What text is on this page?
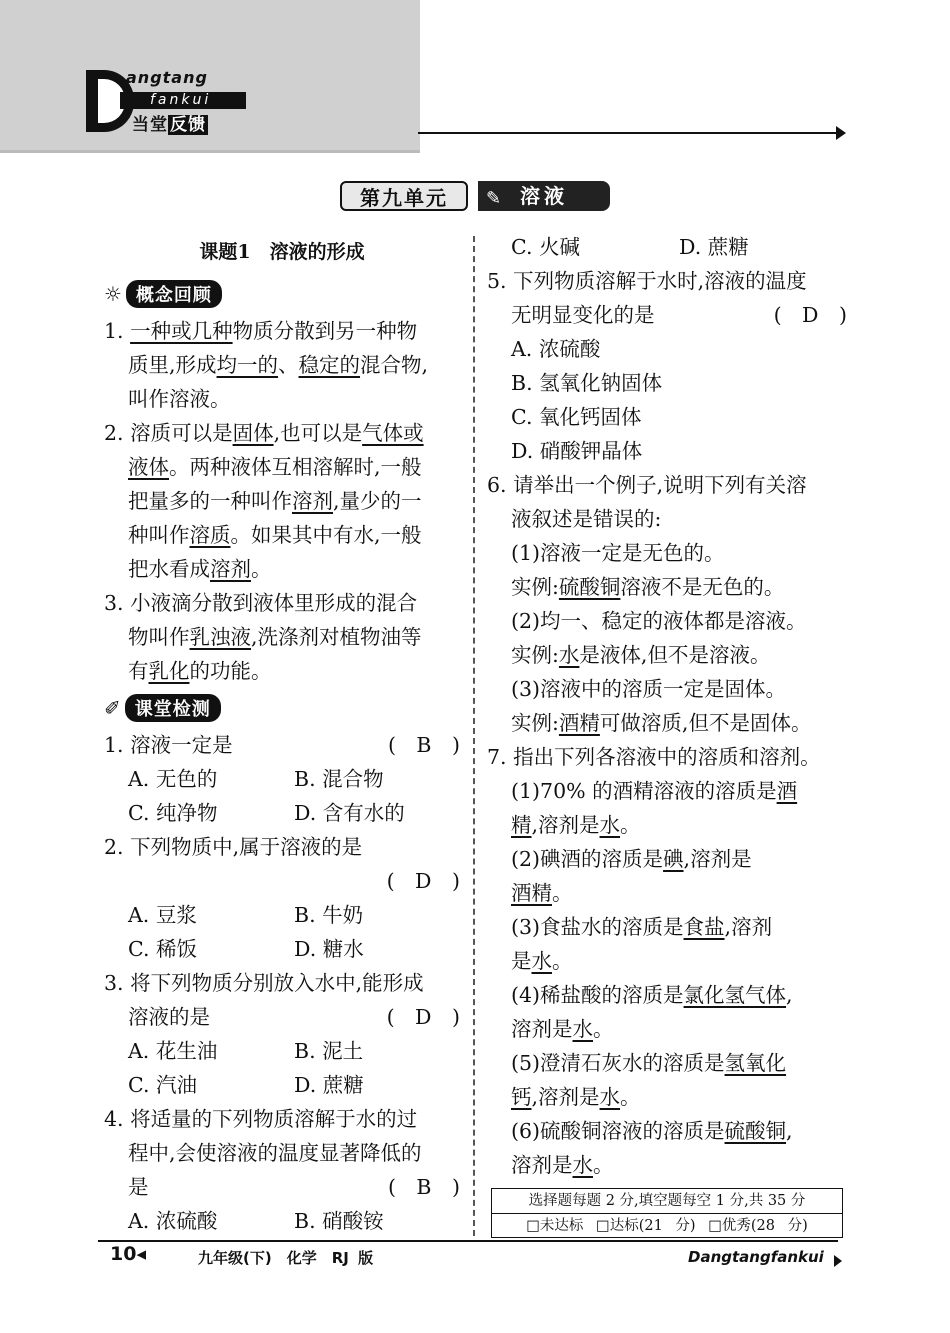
angtang
fankui
当堂 反馈
第九单元	✎ 溶液
课题1　溶液的形成
☼ 概念回顾
1. 一种或几种物质分散到另一种物
质里,形成均一的、稳定的混合物,
叫作溶液。
2. 溶质可以是固体,也可以是气体或
液体。两种液体互相溶解时,一般
把量多的一种叫作溶剂,量少的一
种叫作溶质。如果其中有水,一般
把水看成溶剂。
3. 小液滴分散到液体里形成的混合
物叫作乳浊液,洗涤剂对植物油等
有乳化的功能。
✐ 课堂检测
1. 溶液一定是	(　B　)
A. 无色的	B. 混合物
C. 纯净物	D. 含有水的
2. 下列物质中,属于溶液的是
(　D　)
A. 豆浆	B. 牛奶
C. 稀饭	D. 糖水
3. 将下列物质分别放入水中,能形成
溶液的是	(　D　)
A. 花生油	B. 泥土
C. 汽油	D. 蔗糖
4. 将适量的下列物质溶解于水的过
程中,会使溶液的温度显著降低的
是	(　B　)
A. 浓硫酸	B. 硝酸铵
C. 火碱	D. 蔗糖
5. 下列物质溶解于水时,溶液的温度
无明显变化的是	(　D　)
A. 浓硫酸
B. 氢氧化钠固体
C. 氧化钙固体
D. 硝酸钾晶体
6. 请举出一个例子,说明下列有关溶
液叙述是错误的:
(1)溶液一定是无色的。
实例:硫酸铜溶液不是无色的。
(2)均一、稳定的液体都是溶液。
实例:水是液体,但不是溶液。
(3)溶液中的溶质一定是固体。
实例:酒精可做溶质,但不是固体。
7. 指出下列各溶液中的溶质和溶剂。
(1)70% 的酒精溶液的溶质是酒
精,溶剂是水。
(2)碘酒的溶质是碘,溶剂是
酒精。
(3)食盐水的溶质是食盐,溶剂
是水。
(4)稀盐酸的溶质是氯化氢气体,
溶剂是水。
(5)澄清石灰水的溶质是氢氧化
钙,溶剂是水。
(6)硫酸铜溶液的溶质是硫酸铜,
溶剂是水。
选择题每题 2 分,填空题每空 1 分,共 35 分
□未达标 □达标(21 分) □优秀(28 分)
10◂	九年级(下)　化学　RJ 版	Dangtangfankui
